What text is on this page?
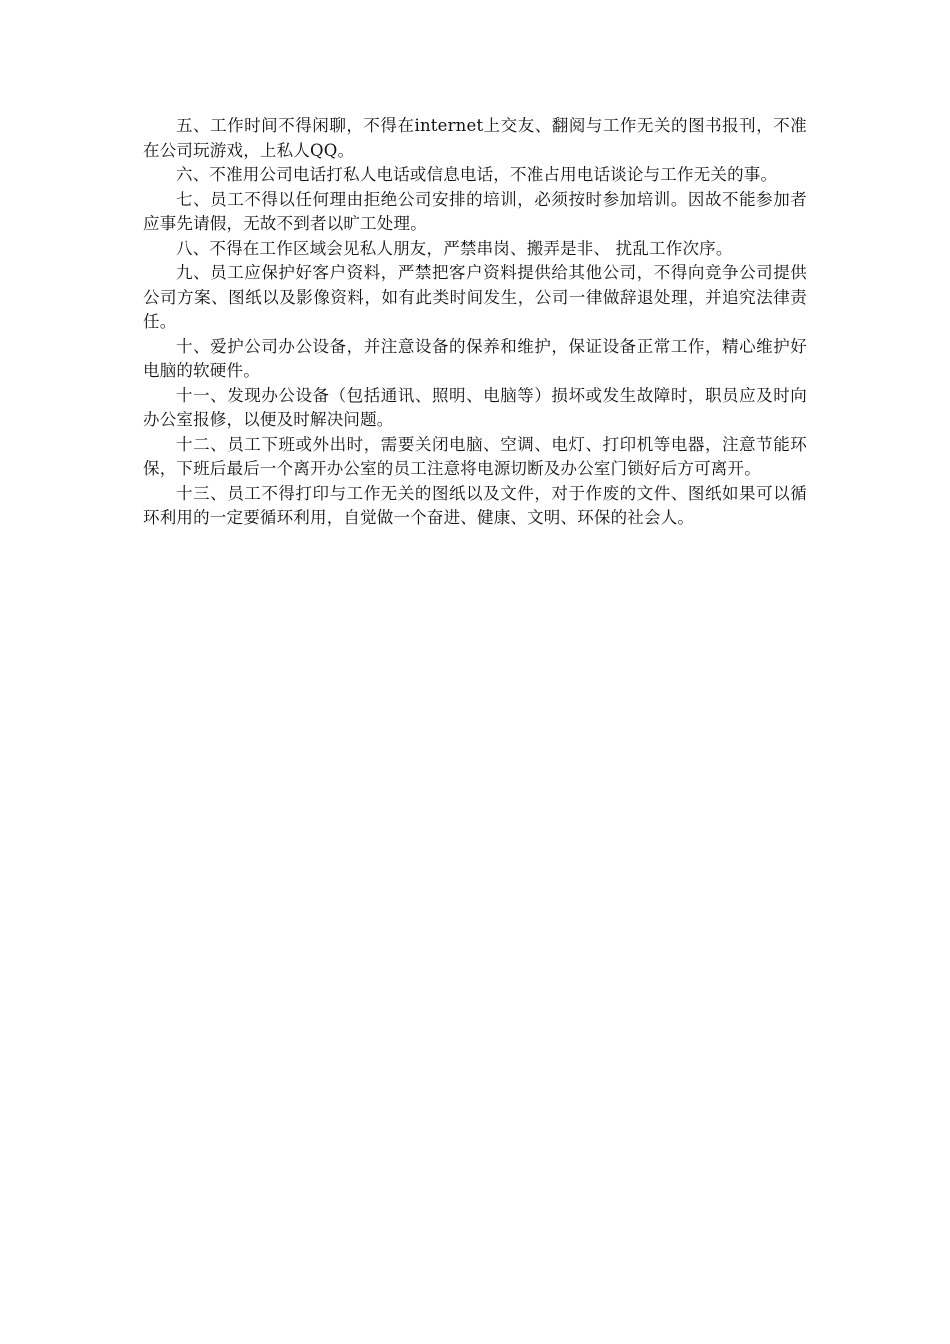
五、工作时间不得闲聊，不得在internet上交友、翻阅与工作无关的图书报刊，不准在公司玩游戏，上私人QQ。

六、不准用公司电话打私人电话或信息电话，不准占用电话谈论与工作无关的事。

七、员工不得以任何理由拒绝公司安排的培训，必须按时参加培训。因故不能参加者应事先请假，无故不到者以旷工处理。

八、不得在工作区域会见私人朋友，严禁串岗、搬弄是非、 扰乱工作次序。

九、员工应保护好客户资料，严禁把客户资料提供给其他公司，不得向竞争公司提供公司方案、图纸以及影像资料，如有此类时间发生，公司一律做辞退处理，并追究法律责任。

十、爱护公司办公设备，并注意设备的保养和维护，保证设备正常工作，精心维护好电脑的软硬件。

十一、发现办公设备（包括通讯、照明、电脑等）损坏或发生故障时，职员应及时向办公室报修，以便及时解决问题。

十二、员工下班或外出时，需要关闭电脑、空调、电灯、打印机等电器，注意节能环保，下班后最后一个离开办公室的员工注意将电源切断及办公室门锁好后方可离开。

十三、员工不得打印与工作无关的图纸以及文件，对于作废的文件、图纸如果可以循环利用的一定要循环利用，自觉做一个奋进、健康、文明、环保的社会人。
